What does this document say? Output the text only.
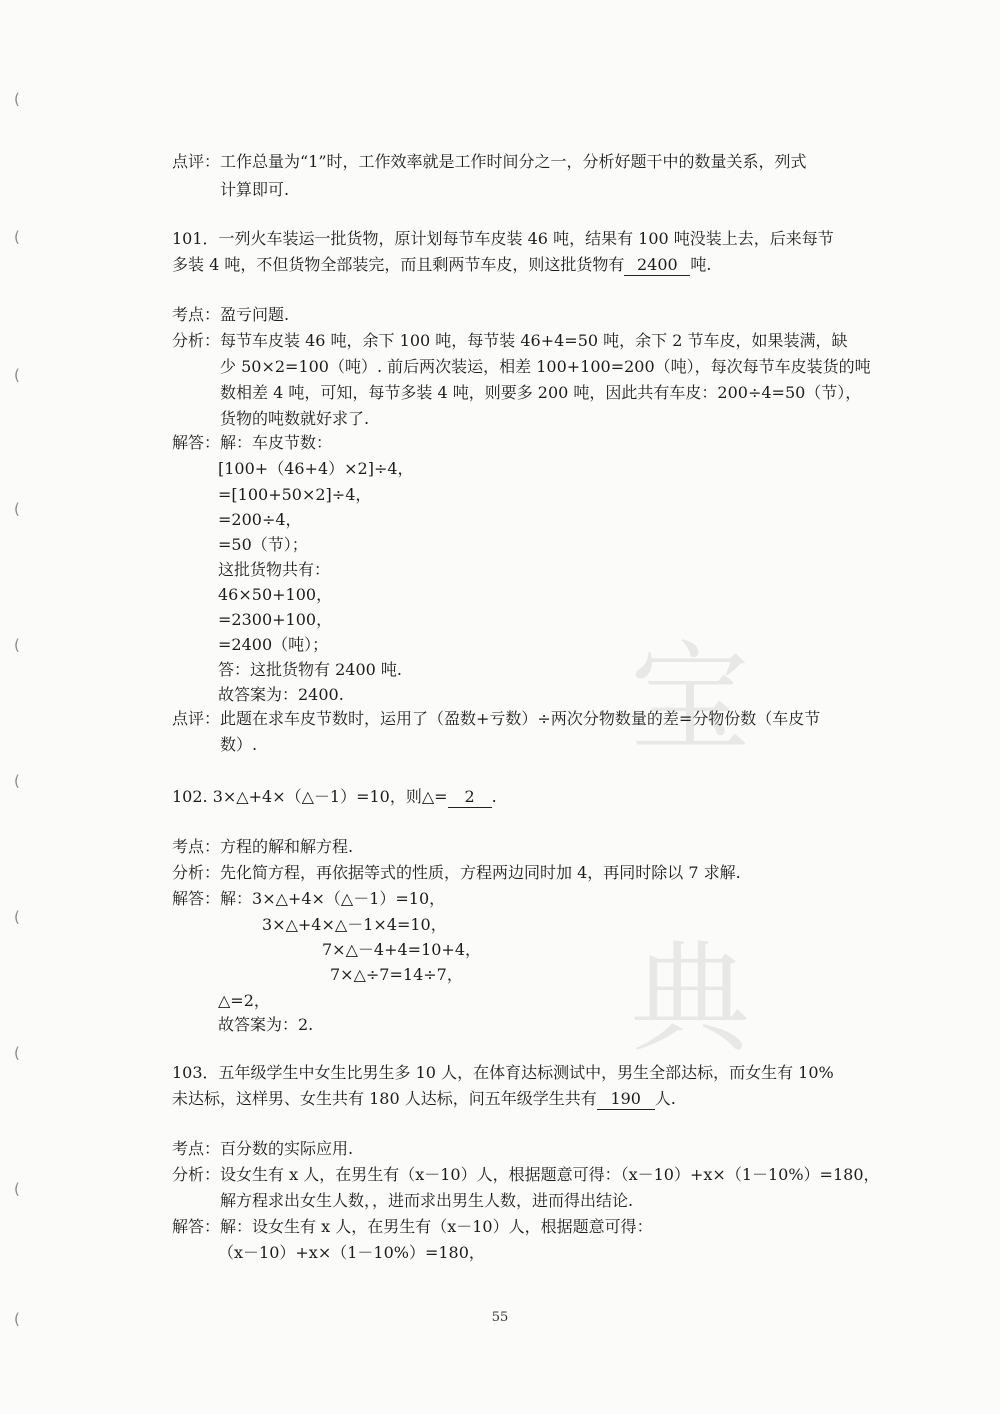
(
(
(
(
(
(
(
(
(
(
宝
典
点评：工作总量为“1”时，工作效率就是工作时间分之一，分析好题干中的数量关系，列式
计算即可.
101．一列火车装运一批货物，原计划每节车皮装 46 吨，结果有 100 吨没装上去，后来每节
多装 4 吨，不但货物全部装完，而且剩两节车皮，则这批货物有 2400 吨.
考点：盈亏问题.
分析：每节车皮装 46 吨，余下 100 吨，每节装 46+4=50 吨，余下 2 节车皮，如果装满，缺
少 50×2=100（吨）. 前后两次装运，相差 100+100=200（吨），每次每节车皮装货的吨
数相差 4 吨，可知，每节多装 4 吨，则要多 200 吨，因此共有车皮：200÷4=50（节），
货物的吨数就好求了.
解答：解：车皮节数：
[100+（46+4）×2]÷4，
=[100+50×2]÷4，
=200÷4，
=50（节）；
这批货物共有：
46×50+100，
=2300+100，
=2400（吨）；
答：这批货物有 2400 吨.
故答案为：2400.
点评：此题在求车皮节数时，运用了（盈数+亏数）÷两次分物数量的差=分物份数（车皮节
数）.
102. 3×△+4×（△－1）=10，则△= 2 .
考点：方程的解和解方程.
分析：先化简方程，再依据等式的性质，方程两边同时加 4，再同时除以 7 求解.
解答：解：3×△+4×（△－1）=10，
3×△+4×△－1×4=10，
7×△－4+4=10+4，
7×△÷7=14÷7，
△=2，
故答案为：2.
103．五年级学生中女生比男生多 10 人，在体育达标测试中，男生全部达标，而女生有 10%
未达标，这样男、女生共有 180 人达标，问五年级学生共有 190 人.
考点：百分数的实际应用.
分析：设女生有 x 人，在男生有（x－10）人，根据题意可得：（x－10）+x×（1－10%）=180，
解方程求出女生人数，，进而求出男生人数，进而得出结论.
解答：解：设女生有 x 人，在男生有（x－10）人，根据题意可得：
（x－10）+x×（1－10%）=180，
55
